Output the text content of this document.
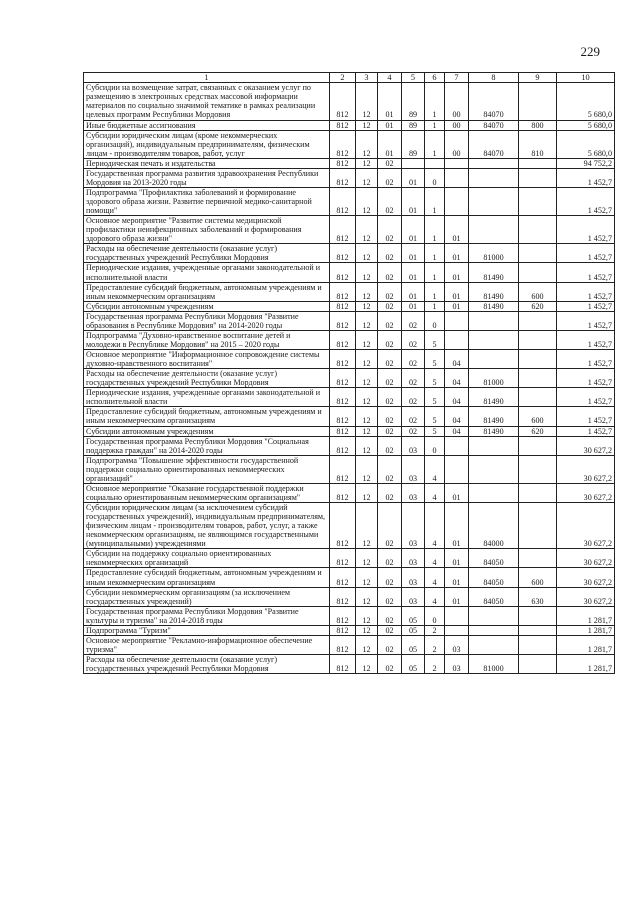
229
1	2	3	4	5	6	7	8	9	10
Субсидии на возмещение затрат, связанных с оказанием услуг по размещению в электронных средствах массовой информации материалов по социально значимой тематике в рамках реализации целевых программ Республики Мордовия	812	12	01	89	1	00	84070		5 680,0
Иные бюджетные ассигнования	812	12	01	89	1	00	84070	800	5 680,0
Субсидии юридическим лицам (кроме некоммерческих организаций), индивидуальным предпринимателям, физическим лицам - производителям товаров, работ, услуг	812	12	01	89	1	00	84070	810	5 680,0
Периодическая печать и издательства	812	12	02						94 752,2
Государственная программа развития здравоохранения Республики Мордовия на 2013-2020 годы	812	12	02	01	0				1 452,7
Подпрограмма "Профилактика заболеваний и формирование здорового образа жизни. Развитие первичной медико-санитарной помощи"	812	12	02	01	1				1 452,7
Основное мероприятие "Развитие системы медицинской профилактики неинфекционных заболеваний и формирования здорового образа жизни"	812	12	02	01	1	01			1 452,7
Расходы на обеспечение деятельности (оказание услуг) государственных учреждений Республики Мордовия	812	12	02	01	1	01	81000		1 452,7
Периодические издания, учрежденные органами законодательной и исполнительной власти	812	12	02	01	1	01	81490		1 452,7
Предоставление субсидий бюджетным, автономным учреждениям и иным некоммерческим организациям	812	12	02	01	1	01	81490	600	1 452,7
Субсидии автономным учреждениям	812	12	02	01	1	01	81490	620	1 452,7
Государственная программа Республики Мордовия "Развитие образования в Республике Мордовия" на 2014-2020 годы	812	12	02	02	0				1 452,7
Подпрограмма "Духовно-нравственное воспитание детей и молодежи в Республике Мордовия" на 2015 – 2020 годы	812	12	02	02	5				1 452,7
Основное мероприятие "Информационное сопровождение системы духовно-нравственного воспитания"	812	12	02	02	5	04			1 452,7
Расходы на обеспечение деятельности (оказание услуг) государственных учреждений Республики Мордовия	812	12	02	02	5	04	81000		1 452,7
Периодические издания, учрежденные органами законодательной и исполнительной власти	812	12	02	02	5	04	81490		1 452,7
Предоставление субсидий бюджетным, автономным учреждениям и иным некоммерческим организациям	812	12	02	02	5	04	81490	600	1 452,7
Субсидии автономным учреждениям	812	12	02	02	5	04	81490	620	1 452,7
Государственная программа Республики Мордовия "Социальная поддержка граждан" на 2014-2020 годы	812	12	02	03	0				30 627,2
Подпрограмма "Повышение эффективности государственной поддержки социально ориентированных некоммерческих организаций"	812	12	02	03	4				30 627,2
Основное мероприятие "Оказание государственной поддержки социально ориентированным некоммерческим организациям"	812	12	02	03	4	01			30 627,2
Субсидии юридическим лицам (за исключением субсидий государственных учреждений), индивидуальным предпринимателям, физическим лицам - производителям товаров, работ, услуг, а также некоммерческим организациям, не являющимся государственными (муниципальными) учреждениями	812	12	02	03	4	01	84000		30 627,2
Субсидии на поддержку социально ориентированных некоммерческих организаций	812	12	02	03	4	01	84050		30 627,2
Предоставление субсидий бюджетным, автономным учреждениям и иным некоммерческим организациям	812	12	02	03	4	01	84050	600	30 627,2
Субсидии некоммерческим организациям (за исключением государственных учреждений)	812	12	02	03	4	01	84050	630	30 627,2
Государственная программа Республики Мордовия "Развитие культуры и туризма" на 2014-2018 годы	812	12	02	05	0				1 281,7
Подпрограмма "Туризм"	812	12	02	05	2				1 281,7
Основное мероприятие "Рекламно-информационное обеспечение туризма"	812	12	02	05	2	03			1 281,7
Расходы на обеспечение деятельности (оказание услуг) государственных учреждений Республики Мордовия	812	12	02	05	2	03	81000		1 281,7
